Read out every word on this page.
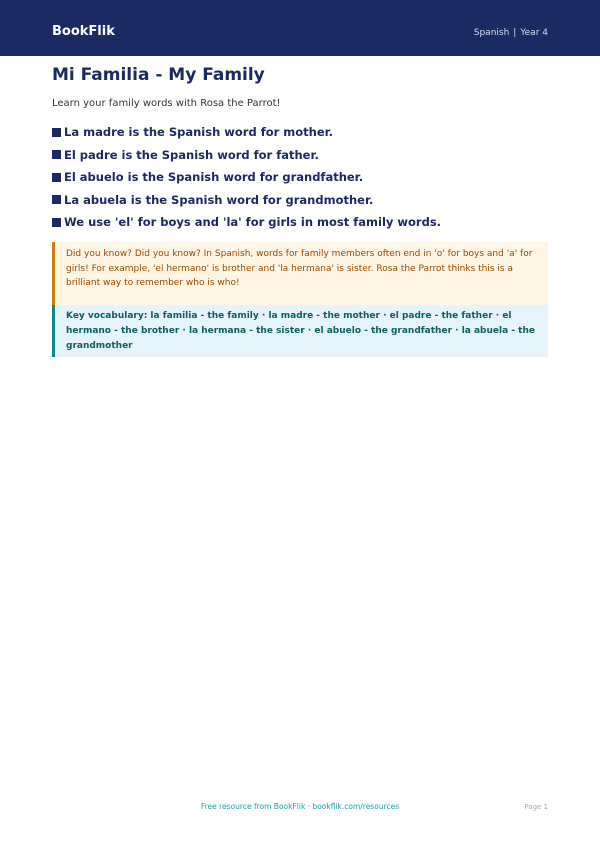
BookFlik	Spanish | Year 4
Mi Familia - My Family

Learn your family words with Rosa the Parrot!

La madre is the Spanish word for mother.
El padre is the Spanish word for father.
El abuelo is the Spanish word for grandfather.
La abuela is the Spanish word for grandmother.
We use 'el' for boys and 'la' for girls in most family words.
Did you know? Did you know? In Spanish, words for family members often end in 'o' for boys and 'a' for girls! For example, 'el hermano' is brother and 'la hermana' is sister. Rosa the Parrot thinks this is a brilliant way to remember who is who!
Key vocabulary: la familia - the family · la madre - the mother · el padre - the father · el hermano - the brother · la hermana - the sister · el abuelo - the grandfather · la abuela - the grandmother
Free resource from BookFlik · bookflik.com/resources	Page 1
